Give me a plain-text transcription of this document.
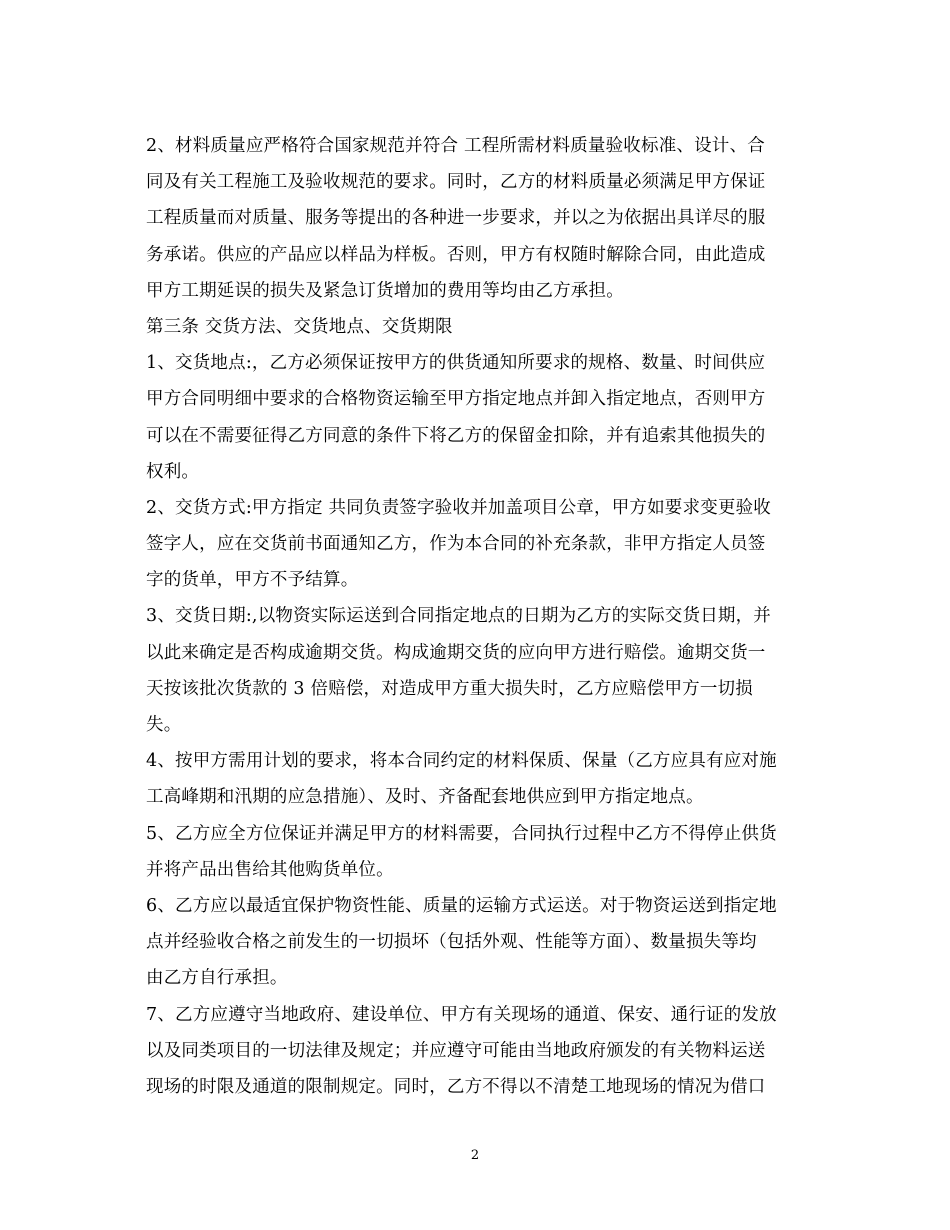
2、材料质量应严格符合国家规范并符合 工程所需材料质量验收标准、设计、合
同及有关工程施工及验收规范的要求。同时，乙方的材料质量必须满足甲方保证
工程质量而对质量、服务等提出的各种进一步要求，并以之为依据出具详尽的服
务承诺。供应的产品应以样品为样板。否则，甲方有权随时解除合同，由此造成
甲方工期延误的损失及紧急订货增加的费用等均由乙方承担。
第三条 交货方法、交货地点、交货期限
1、交货地点:，乙方必须保证按甲方的供货通知所要求的规格、数量、时间供应
甲方合同明细中要求的合格物资运输至甲方指定地点并卸入指定地点，否则甲方
可以在不需要征得乙方同意的条件下将乙方的保留金扣除，并有追索其他损失的
权利。
2、交货方式:甲方指定 共同负责签字验收并加盖项目公章，甲方如要求变更验收
签字人，应在交货前书面通知乙方，作为本合同的补充条款，非甲方指定人员签
字的货单，甲方不予结算。
3、交货日期:,以物资实际运送到合同指定地点的日期为乙方的实际交货日期，并
以此来确定是否构成逾期交货。构成逾期交货的应向甲方进行赔偿。逾期交货一
天按该批次货款的 3 倍赔偿，对造成甲方重大损失时，乙方应赔偿甲方一切损
失。
4、按甲方需用计划的要求，将本合同约定的材料保质、保量（乙方应具有应对施
工高峰期和汛期的应急措施）、及时、齐备配套地供应到甲方指定地点。
5、乙方应全方位保证并满足甲方的材料需要，合同执行过程中乙方不得停止供货
并将产品出售给其他购货单位。
6、乙方应以最适宜保护物资性能、质量的运输方式运送。对于物资运送到指定地
点并经验收合格之前发生的一切损坏（包括外观、性能等方面）、数量损失等均
由乙方自行承担。
7、乙方应遵守当地政府、建设单位、甲方有关现场的通道、保安、通行证的发放
以及同类项目的一切法律及规定；并应遵守可能由当地政府颁发的有关物料运送
现场的时限及通道的限制规定。同时，乙方不得以不清楚工地现场的情况为借口
2
